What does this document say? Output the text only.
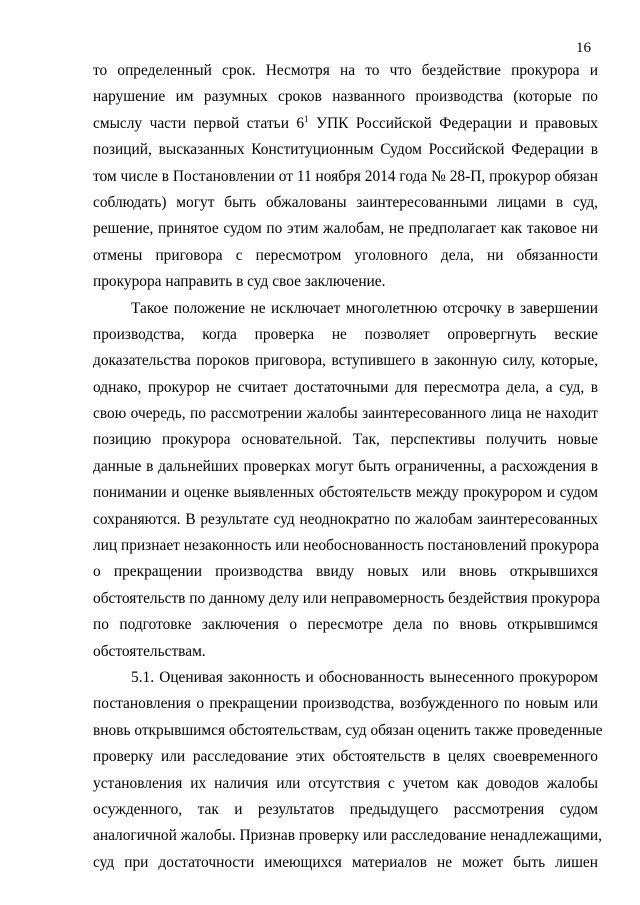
16
то определенный срок. Несмотря на то что бездействие прокурора и
нарушение им разумных сроков названного производства (которые по
смыслу части первой статьи $6^1$ УПК Российской Федерации и правовых
позиций, высказанных Конституционным Судом Российской Федерации в
том числе в Постановлении от 11 ноября 2014 года № 28-П, прокурор обязан
соблюдать) могут быть обжалованы заинтересованными лицами в суд,
решение, принятое судом по этим жалобам, не предполагает как таковое ни
отмены приговора с пересмотром уголовного дела, ни обязанности
прокурора направить в суд свое заключение.
Такое положение не исключает многолетнюю отсрочку в завершении
производства, когда проверка не позволяет опровергнуть веские
доказательства пороков приговора, вступившего в законную силу, которые,
однако, прокурор не считает достаточными для пересмотра дела, а суд, в
свою очередь, по рассмотрении жалобы заинтересованного лица не находит
позицию прокурора основательной. Так, перспективы получить новые
данные в дальнейших проверках могут быть ограниченны, а расхождения в
понимании и оценке выявленных обстоятельств между прокурором и судом
сохраняются. В результате суд неоднократно по жалобам заинтересованных
лиц признает незаконность или необоснованность постановлений прокурора
о прекращении производства ввиду новых или вновь открывшихся
обстоятельств по данному делу или неправомерность бездействия прокурора
по подготовке заключения о пересмотре дела по вновь открывшимся
обстоятельствам.
5.1. Оценивая законность и обоснованность вынесенного прокурором
постановления о прекращении производства, возбужденного по новым или
вновь открывшимся обстоятельствам, суд обязан оценить также проведенные
проверку или расследование этих обстоятельств в целях своевременного
установления их наличия или отсутствия с учетом как доводов жалобы
осужденного, так и результатов предыдущего рассмотрения судом
аналогичной жалобы. Признав проверку или расследование ненадлежащими,
суд при достаточности имеющихся материалов не может быть лишен
